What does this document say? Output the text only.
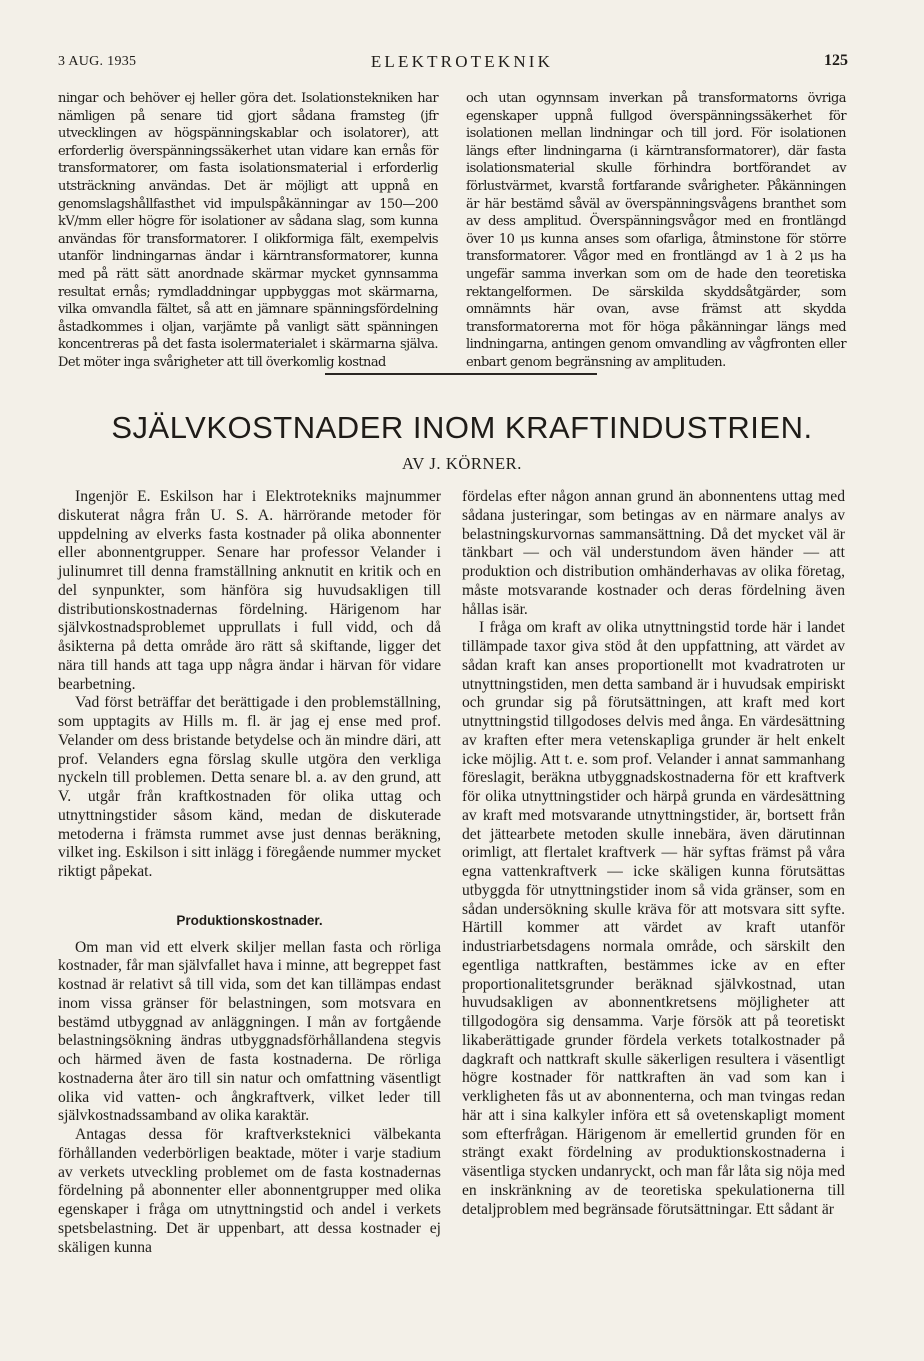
3 AUG. 1935	ELEKTROTEKNIK	125

ningar och behöver ej heller göra det. Isolationstekniken har nämligen på senare tid gjort sådana framsteg (jfr utvecklingen av högspänningskablar och isolatorer), att erforderlig överspänningssäkerhet utan vidare kan ernås för transformatorer, om fasta isolationsmaterial i erforderlig utsträckning användas. Det är möjligt att uppnå en genomslagshållfasthet vid impulspåkänningar av 150—200 kV/mm eller högre för isolationer av sådana slag, som kunna användas för transformatorer. I olikformiga fält, exempelvis utanför lindningarnas ändar i kärntransformatorer, kunna med på rätt sätt anordnade skärmar mycket gynnsamma resultat ernås; rymdladdningar uppbyggas mot skärmarna, vilka omvandla fältet, så att en jämnare spänningsfördelning åstadkommes i oljan, varjämte på vanligt sätt spänningen koncentreras på det fasta isolermaterialet i skärmarna själva. Det möter inga svårigheter att till överkomlig kostnad

och utan ogynnsam inverkan på transformatorns övriga egenskaper uppnå fullgod överspänningssäkerhet för isolationen mellan lindningar och till jord. För isolationen längs efter lindningarna (i kärntransformatorer), där fasta isolationsmaterial skulle förhindra bortförandet av förlustvärmet, kvarstå fortfarande svårigheter. Påkänningen är här bestämd såväl av överspänningsvågens branthet som av dess amplitud. Överspänningsvågor med en frontlängd över 10 μs kunna anses som ofarliga, åtminstone för större transformatorer. Vågor med en frontlängd av 1 à 2 μs ha ungefär samma inverkan som om de hade den teoretiska rektangelformen. De särskilda skyddsåtgärder, som omnämnts här ovan, avse främst att skydda transformatorerna mot för höga påkänningar längs med lindningarna, antingen genom omvandling av vågfronten eller enbart genom begränsning av amplituden.

SJÄLVKOSTNADER INOM KRAFTINDUSTRIEN.
AV J. KÖRNER.

Ingenjör E. Eskilson har i Elektrotekniks majnummer diskuterat några från U. S. A. härrörande metoder för uppdelning av elverks fasta kostnader på olika abonnenter eller abonnentgrupper. Senare har professor Velander i julinumret till denna framställning anknutit en kritik och en del synpunkter, som hänföra sig huvudsakligen till distributionskostnadernas fördelning. Härigenom har självkostnadsproblemet upprullats i full vidd, och då åsikterna på detta område äro rätt så skiftande, ligger det nära till hands att taga upp några ändar i härvan för vidare bearbetning.

Vad först beträffar det berättigade i den problemställning, som upptagits av Hills m. fl. är jag ej ense med prof. Velander om dess bristande betydelse och än mindre däri, att prof. Velanders egna förslag skulle utgöra den verkliga nyckeln till problemen. Detta senare bl. a. av den grund, att V. utgår från kraftkostnaden för olika uttag och utnyttningstider såsom känd, medan de diskuterade metoderna i främsta rummet avse just dennas beräkning, vilket ing. Eskilson i sitt inlägg i föregående nummer mycket riktigt påpekat.

Produktionskostnader.

Om man vid ett elverk skiljer mellan fasta och rörliga kostnader, får man självfallet hava i minne, att begreppet fast kostnad är relativt så till vida, som det kan tillämpas endast inom vissa gränser för belastningen, som motsvara en bestämd utbyggnad av anläggningen. I mån av fortgående belastningsökning ändras utbyggnadsförhållandena stegvis och härmed även de fasta kostnaderna. De rörliga kostnaderna åter äro till sin natur och omfattning väsentligt olika vid vatten- och ångkraftverk, vilket leder till självkostnadssamband av olika karaktär.

Antagas dessa för kraftverksteknici välbekanta förhållanden vederbörligen beaktade, möter i varje stadium av verkets utveckling problemet om de fasta kostnadernas fördelning på abonnenter eller abonnentgrupper med olika egenskaper i fråga om utnyttningstid och andel i verkets spetsbelastning. Det är uppenbart, att dessa kostnader ej skäligen kunna

fördelas efter någon annan grund än abonnentens uttag med sådana justeringar, som betingas av en närmare analys av belastningskurvornas sammansättning. Då det mycket väl är tänkbart — och väl understundom även händer — att produktion och distribution omhänderhavas av olika företag, måste motsvarande kostnader och deras fördelning även hållas isär.

I fråga om kraft av olika utnyttningstid torde här i landet tillämpade taxor giva stöd åt den uppfattning, att värdet av sådan kraft kan anses proportionellt mot kvadratroten ur utnyttningstiden, men detta samband är i huvudsak empiriskt och grundar sig på förutsättningen, att kraft med kort utnyttningstid tillgodoses delvis med ånga. En värdesättning av kraften efter mera vetenskapliga grunder är helt enkelt icke möjlig. Att t. e. som prof. Velander i annat sammanhang föreslagit, beräkna utbyggnadskostnaderna för ett kraftverk för olika utnyttningstider och härpå grunda en värdesättning av kraft med motsvarande utnyttningstider, är, bortsett från det jättearbete metoden skulle innebära, även därutinnan orimligt, att flertalet kraftverk — här syftas främst på våra egna vattenkraftverk — icke skäligen kunna förutsättas utbyggda för utnyttningstider inom så vida gränser, som en sådan undersökning skulle kräva för att motsvara sitt syfte. Härtill kommer att värdet av kraft utanför industriarbetsdagens normala område, och särskilt den egentliga nattkraften, bestämmes icke av en efter proportionalitetsgrunder beräknad självkostnad, utan huvudsakligen av abonnentkretsens möjligheter att tillgodogöra sig densamma. Varje försök att på teoretiskt likaberättigade grunder fördela verkets totalkostnader på dagkraft och nattkraft skulle säkerligen resultera i väsentligt högre kostnader för nattkraften än vad som kan i verkligheten fås ut av abonnenterna, och man tvingas redan här att i sina kalkyler införa ett så ovetenskapligt moment som efterfrågan. Härigenom är emellertid grunden för en strängt exakt fördelning av produktionskostnaderna i väsentliga stycken undanryckt, och man får låta sig nöja med en inskränkning av de teoretiska spekulationerna till detaljproblem med begränsade förutsättningar. Ett sådant är
